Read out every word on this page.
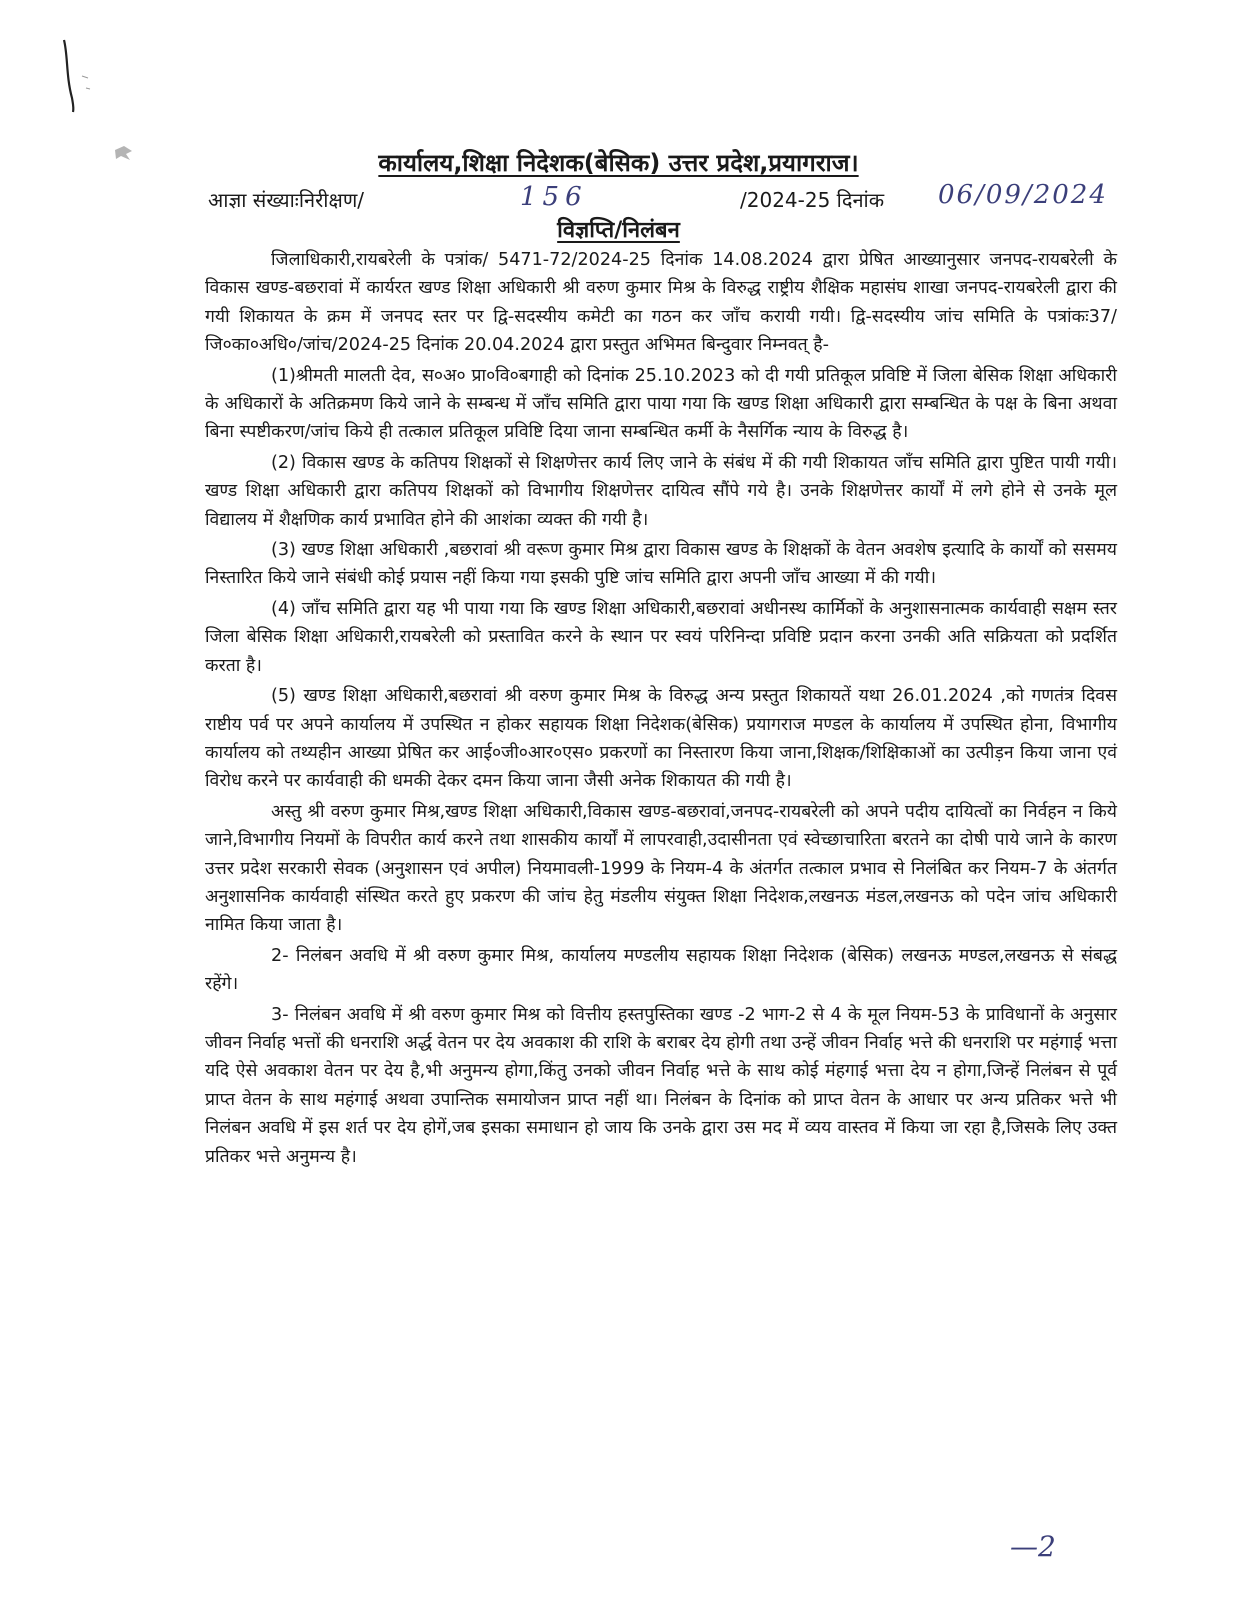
कार्यालय,शिक्षा निदेशक(बेसिक) उत्तर प्रदेश,प्रयागराज।
आज्ञा संख्याःनिरीक्षण/	156	/2024-25 दिनांक 06/09/2024
विज्ञप्ति/निलंबन

जिलाधिकारी,रायबरेली के पत्रांक/ 5471-72/2024-25 दिनांक 14.08.2024 द्वारा प्रेषित आख्यानुसार जनपद-रायबरेली के विकास खण्ड-बछरावां में कार्यरत खण्ड शिक्षा अधिकारी श्री वरुण कुमार मिश्र के विरुद्ध राष्ट्रीय शैक्षिक महासंघ शाखा जनपद-रायबरेली द्वारा की गयी शिकायत के क्रम में जनपद स्तर पर द्वि-सदस्यीय कमेटी का गठन कर जाँच करायी गयी। द्वि-सदस्यीय जांच समिति के पत्रांकः37/जि०का०अधि०/जांच/2024-25 दिनांक 20.04.2024 द्वारा प्रस्तुत अभिमत बिन्दुवार निम्नवत् है-

(1)श्रीमती मालती देव, स०अ० प्रा०वि०बगाही को दिनांक 25.10.2023 को दी गयी प्रतिकूल प्रविष्टि में जिला बेसिक शिक्षा अधिकारी के अधिकारों के अतिक्रमण किये जाने के सम्बन्ध में जाँच समिति द्वारा पाया गया कि खण्ड शिक्षा अधिकारी द्वारा सम्बन्धित के पक्ष के बिना अथवा बिना स्पष्टीकरण/जांच किये ही तत्काल प्रतिकूल प्रविष्टि दिया जाना सम्बन्धित कर्मी के नैसर्गिक न्याय के विरुद्ध है।

(2) विकास खण्ड के कतिपय शिक्षकों से शिक्षणेत्तर कार्य लिए जाने के संबंध में की गयी शिकायत जाँच समिति द्वारा पुष्टित पायी गयी। खण्ड शिक्षा अधिकारी द्वारा कतिपय शिक्षकों को विभागीय शिक्षणेत्तर दायित्व सौंपे गये है। उनके शिक्षणेत्तर कार्यों में लगे होने से उनके मूल विद्यालय में शैक्षणिक कार्य प्रभावित होने की आशंका व्यक्त की गयी है।

(3) खण्ड शिक्षा अधिकारी ,बछरावां श्री वरूण कुमार मिश्र द्वारा विकास खण्ड के शिक्षकों के वेतन अवशेष इत्यादि के कार्यों को ससमय निस्तारित किये जाने संबंधी कोई प्रयास नहीं किया गया इसकी पुष्टि जांच समिति द्वारा अपनी जाँच आख्या में की गयी।

(4) जाँच समिति द्वारा यह भी पाया गया कि खण्ड शिक्षा अधिकारी,बछरावां अधीनस्थ कार्मिकों के अनुशासनात्मक कार्यवाही सक्षम स्तर जिला बेसिक शिक्षा अधिकारी,रायबरेली को प्रस्तावित करने के स्थान पर स्वयं परिनिन्दा प्रविष्टि प्रदान करना उनकी अति सक्रियता को प्रदर्शित करता है।

(5) खण्ड शिक्षा अधिकारी,बछरावां श्री वरुण कुमार मिश्र के विरुद्ध अन्य प्रस्तुत शिकायतें यथा 26.01.2024 ,को गणतंत्र दिवस राष्टीय पर्व पर अपने कार्यालय में उपस्थित न होकर सहायक शिक्षा निदेशक(बेसिक) प्रयागराज मण्डल के कार्यालय में उपस्थित होना, विभागीय कार्यालय को तथ्यहीन आख्या प्रेषित कर आई०जी०आर०एस० प्रकरणों का निस्तारण किया जाना,शिक्षक/शिक्षिकाओं का उत्पीड़न किया जाना एवं विरोध करने पर कार्यवाही की धमकी देकर दमन किया जाना जैसी अनेक शिकायत की गयी है।

अस्तु श्री वरुण कुमार मिश्र,खण्ड शिक्षा अधिकारी,विकास खण्ड-बछरावां,जनपद-रायबरेली को अपने पदीय दायित्वों का निर्वहन न किये जाने,विभागीय नियमों के विपरीत कार्य करने तथा शासकीय कार्यों में लापरवाही,उदासीनता एवं स्वेच्छाचारिता बरतने का दोषी पाये जाने के कारण उत्तर प्रदेश सरकारी सेवक (अनुशासन एवं अपील) नियमावली-1999 के नियम-4 के अंतर्गत तत्काल प्रभाव से निलंबित कर नियम-7 के अंतर्गत अनुशासनिक कार्यवाही संस्थित करते हुए प्रकरण की जांच हेतु मंडलीय संयुक्त शिक्षा निदेशक,लखनऊ मंडल,लखनऊ को पदेन जांच अधिकारी नामित किया जाता है।

2- निलंबन अवधि में श्री वरुण कुमार मिश्र, कार्यालय मण्डलीय सहायक शिक्षा निदेशक (बेसिक) लखनऊ मण्डल,लखनऊ से संबद्ध रहेंगे।

3- निलंबन अवधि में श्री वरुण कुमार मिश्र को वित्तीय हस्तपुस्तिका खण्ड -2 भाग-2 से 4 के मूल नियम-53 के प्राविधानों के अनुसार जीवन निर्वाह भत्तों की धनराशि अर्द्ध वेतन पर देय अवकाश की राशि के बराबर देय होगी तथा उन्हें जीवन निर्वाह भत्ते की धनराशि पर महंगाई भत्ता यदि ऐसे अवकाश वेतन पर देय है,भी अनुमन्य होगा,किंतु उनको जीवन निर्वाह भत्ते के साथ कोई मंहगाई भत्ता देय न होगा,जिन्हें निलंबन से पूर्व प्राप्त वेतन के साथ महंगाई अथवा उपान्तिक समायोजन प्राप्त नहीं था। निलंबन के दिनांक को प्राप्त वेतन के आधार पर अन्य प्रतिकर भत्ते भी निलंबन अवधि में इस शर्त पर देय होगें,जब इसका समाधान हो जाय कि उनके द्वारा उस मद में व्यय वास्तव में किया जा रहा है,जिसके लिए उक्त प्रतिकर भत्ते अनुमन्य है।

—2
